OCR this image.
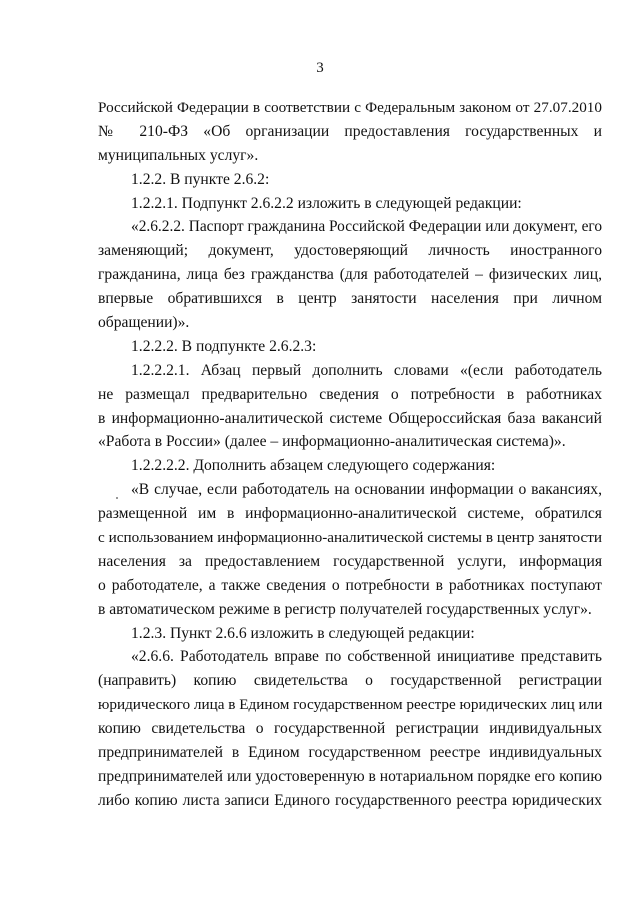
3
Российской Федерации в соответствии с Федеральным законом от 27.07.2010
№ 210-ФЗ «Об организации предоставления государственных и
муниципальных услуг».
1.2.2. В пункте 2.6.2:
1.2.2.1. Подпункт 2.6.2.2 изложить в следующей редакции:
«2.6.2.2. Паспорт гражданина Российской Федерации или документ, его
заменяющий; документ, удостоверяющий личность иностранного
гражданина, лица без гражданства (для работодателей – физических лиц,
впервые обратившихся в центр занятости населения при личном
обращении)».
1.2.2.2. В подпункте 2.6.2.3:
1.2.2.2.1. Абзац первый дополнить словами «(если работодатель
не размещал предварительно сведения о потребности в работниках
в информационно-аналитической системе Общероссийская база вакансий
«Работа в России» (далее – информационно-аналитическая система)».
1.2.2.2.2. Дополнить абзацем следующего содержания:
«В случае, если работодатель на основании информации о вакансиях,
размещенной им в информационно-аналитической системе, обратился
с использованием информационно-аналитической системы в центр занятости
населения за предоставлением государственной услуги, информация
о работодателе, а также сведения о потребности в работниках поступают
в автоматическом режиме в регистр получателей государственных услуг».
1.2.3. Пункт 2.6.6 изложить в следующей редакции:
«2.6.6. Работодатель вправе по собственной инициативе представить
(направить) копию свидетельства о государственной регистрации
юридического лица в Едином государственном реестре юридических лиц или
копию свидетельства о государственной регистрации индивидуальных
предпринимателей в Едином государственном реестре индивидуальных
предпринимателей или удостоверенную в нотариальном порядке его копию
либо копию листа записи Единого государственного реестра юридических
